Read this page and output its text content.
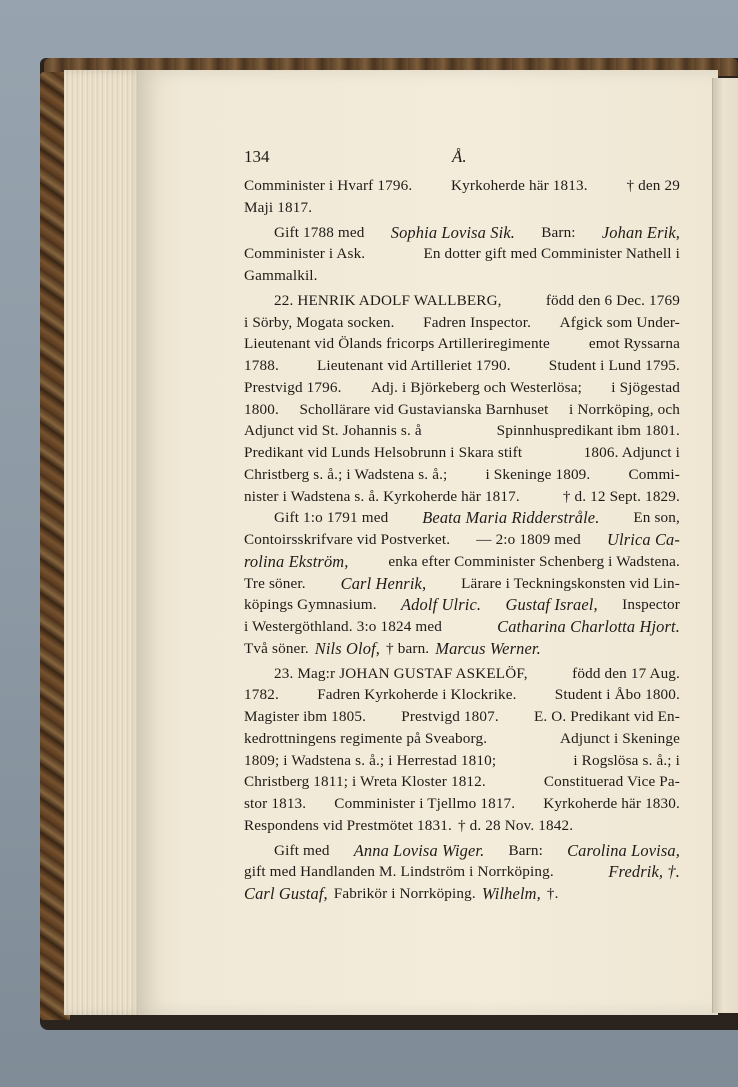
134	Å.
Comminister i Hvarf 1796.	Kyrkoherde här 1813.	† den 29
Maji 1817.
Gift 1788 med Sophia Lovisa Sik. Barn: Johan Erik,
Comminister i Ask.	En dotter gift med Comminister Nathell i
Gammalkil.
22. HENRIK ADOLF WALLBERG,	född den 6 Dec. 1769
i Sörby, Mogata socken. Fadren Inspector. Afgick som Under-
Lieutenant vid Ölands fricorps Artilleriregimente	emot Ryssarna
1788.	Lieutenant vid Artilleriet 1790.	Student i Lund 1795.
Prestvigd 1796. Adj. i Björkeberg och Westerlösa; i Sjögestad
1800. Schollärare vid Gustavianska Barnhuset i Norrköping, och
Adjunct vid St. Johannis s. å	Spinnhuspredikant ibm 1801.
Predikant vid Lunds Helsobrunn i Skara stift	1806. Adjunct i
Christberg s. å.; i Wadstena s. å.;	i Skeninge 1809.	Commi-
nister i Wadstena s. å. Kyrkoherde här 1817.	† d. 12 Sept. 1829.
Gift 1:o 1791 med Beata Maria Ridderstråle. En son,
Contoirsskrifvare vid Postverket. — 2:o 1809 med Ulrica Ca-
rolina Ekström,	enka efter Comminister Schenberg i Wadstena.
Tre söner. Carl Henrik, Lärare i Teckningskonsten vid Lin-
köpings Gymnasium. Adolf Ulric. Gustaf Israel, Inspector
i Westergöthland. 3:o 1824 med	Catharina Charlotta Hjort.
Två söner. Nils Olof, † barn. Marcus Werner.
23. Mag:r JOHAN GUSTAF ASKELÖF,	född den 17 Aug.
1782.	Fadren Kyrkoherde i Klockrike.	Student i Åbo 1800.
Magister ibm 1805. Prestvigd 1807. E. O. Predikant vid En-
kedrottningens regimente på Sveaborg.	Adjunct i Skeninge
1809; i Wadstena s. å.; i Herrestad 1810;	i Rogslösa s. å.; i
Christberg 1811; i Wreta Kloster 1812.	Constituerad Vice Pa-
stor 1813. Comminister i Tjellmo 1817. Kyrkoherde här 1830.
Respondens vid Prestmötet 1831. † d. 28 Nov. 1842.
Gift med Anna Lovisa Wiger. Barn: Carolina Lovisa,
gift med Handlanden M. Lindström i Norrköping.	Fredrik, †.
Carl Gustaf, Fabrikör i Norrköping. Wilhelm, †.
